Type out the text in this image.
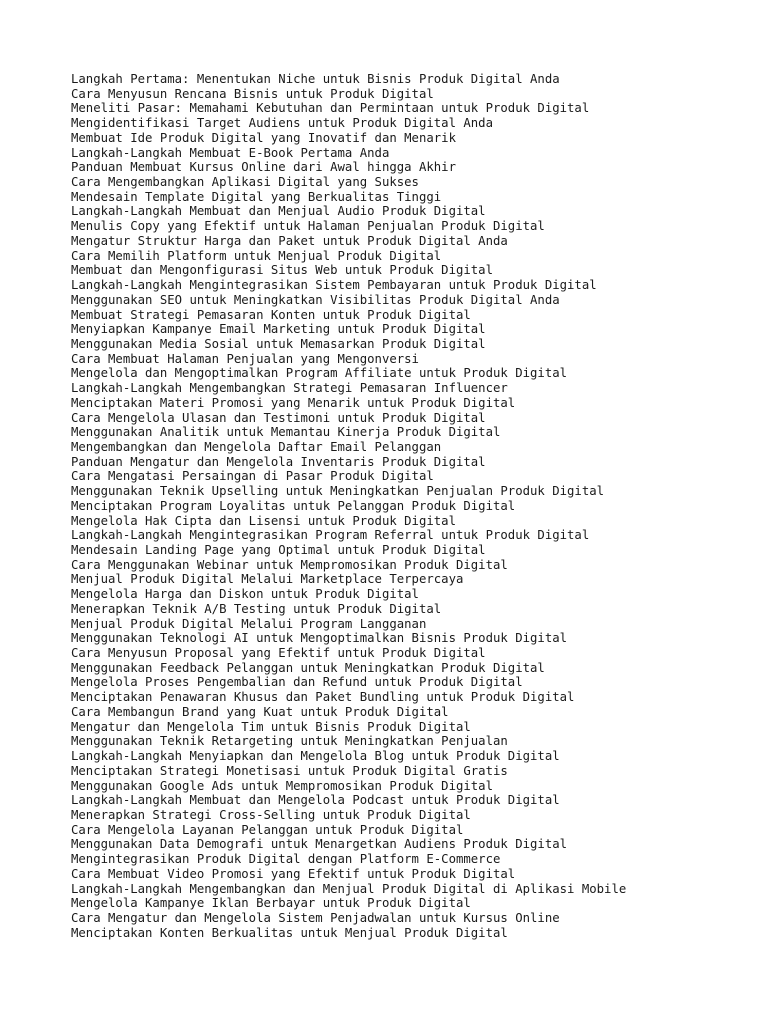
Langkah Pertama: Menentukan Niche untuk Bisnis Produk Digital Anda
Cara Menyusun Rencana Bisnis untuk Produk Digital
Meneliti Pasar: Memahami Kebutuhan dan Permintaan untuk Produk Digital
Mengidentifikasi Target Audiens untuk Produk Digital Anda
Membuat Ide Produk Digital yang Inovatif dan Menarik
Langkah-Langkah Membuat E-Book Pertama Anda
Panduan Membuat Kursus Online dari Awal hingga Akhir
Cara Mengembangkan Aplikasi Digital yang Sukses
Mendesain Template Digital yang Berkualitas Tinggi
Langkah-Langkah Membuat dan Menjual Audio Produk Digital
Menulis Copy yang Efektif untuk Halaman Penjualan Produk Digital
Mengatur Struktur Harga dan Paket untuk Produk Digital Anda
Cara Memilih Platform untuk Menjual Produk Digital
Membuat dan Mengonfigurasi Situs Web untuk Produk Digital
Langkah-Langkah Mengintegrasikan Sistem Pembayaran untuk Produk Digital
Menggunakan SEO untuk Meningkatkan Visibilitas Produk Digital Anda
Membuat Strategi Pemasaran Konten untuk Produk Digital
Menyiapkan Kampanye Email Marketing untuk Produk Digital
Menggunakan Media Sosial untuk Memasarkan Produk Digital
Cara Membuat Halaman Penjualan yang Mengonversi
Mengelola dan Mengoptimalkan Program Affiliate untuk Produk Digital
Langkah-Langkah Mengembangkan Strategi Pemasaran Influencer
Menciptakan Materi Promosi yang Menarik untuk Produk Digital
Cara Mengelola Ulasan dan Testimoni untuk Produk Digital
Menggunakan Analitik untuk Memantau Kinerja Produk Digital
Mengembangkan dan Mengelola Daftar Email Pelanggan
Panduan Mengatur dan Mengelola Inventaris Produk Digital
Cara Mengatasi Persaingan di Pasar Produk Digital
Menggunakan Teknik Upselling untuk Meningkatkan Penjualan Produk Digital
Menciptakan Program Loyalitas untuk Pelanggan Produk Digital
Mengelola Hak Cipta dan Lisensi untuk Produk Digital
Langkah-Langkah Mengintegrasikan Program Referral untuk Produk Digital
Mendesain Landing Page yang Optimal untuk Produk Digital
Cara Menggunakan Webinar untuk Mempromosikan Produk Digital
Menjual Produk Digital Melalui Marketplace Terpercaya
Mengelola Harga dan Diskon untuk Produk Digital
Menerapkan Teknik A/B Testing untuk Produk Digital
Menjual Produk Digital Melalui Program Langganan
Menggunakan Teknologi AI untuk Mengoptimalkan Bisnis Produk Digital
Cara Menyusun Proposal yang Efektif untuk Produk Digital
Menggunakan Feedback Pelanggan untuk Meningkatkan Produk Digital
Mengelola Proses Pengembalian dan Refund untuk Produk Digital
Menciptakan Penawaran Khusus dan Paket Bundling untuk Produk Digital
Cara Membangun Brand yang Kuat untuk Produk Digital
Mengatur dan Mengelola Tim untuk Bisnis Produk Digital
Menggunakan Teknik Retargeting untuk Meningkatkan Penjualan
Langkah-Langkah Menyiapkan dan Mengelola Blog untuk Produk Digital
Menciptakan Strategi Monetisasi untuk Produk Digital Gratis
Menggunakan Google Ads untuk Mempromosikan Produk Digital
Langkah-Langkah Membuat dan Mengelola Podcast untuk Produk Digital
Menerapkan Strategi Cross-Selling untuk Produk Digital
Cara Mengelola Layanan Pelanggan untuk Produk Digital
Menggunakan Data Demografi untuk Menargetkan Audiens Produk Digital
Mengintegrasikan Produk Digital dengan Platform E-Commerce
Cara Membuat Video Promosi yang Efektif untuk Produk Digital
Langkah-Langkah Mengembangkan dan Menjual Produk Digital di Aplikasi Mobile
Mengelola Kampanye Iklan Berbayar untuk Produk Digital
Cara Mengatur dan Mengelola Sistem Penjadwalan untuk Kursus Online
Menciptakan Konten Berkualitas untuk Menjual Produk Digital
